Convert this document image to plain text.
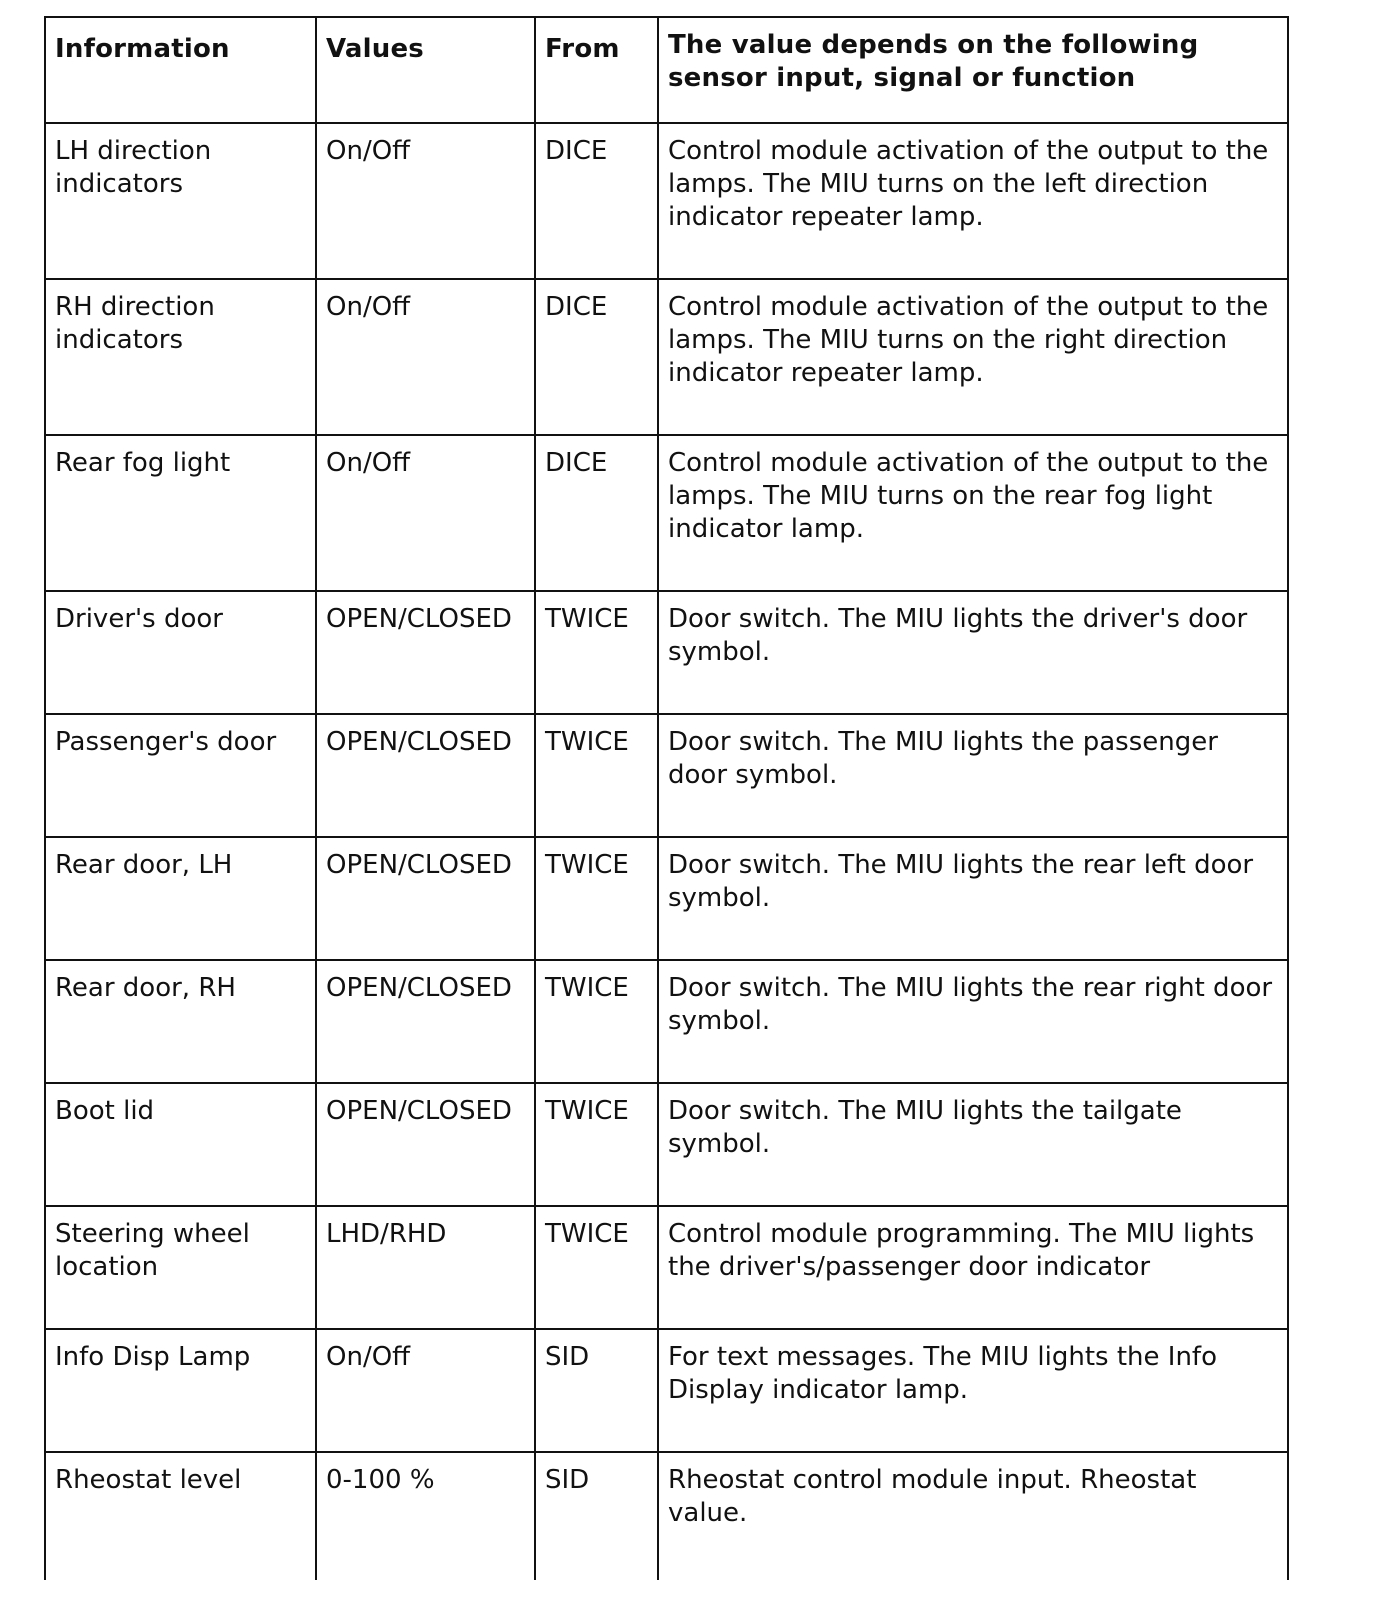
Information	Values	From	The value depends on the following sensor input, signal or function
LH direction indicators	On/Off	DICE	Control module activation of the output to the lamps. The MIU turns on the left direction indicator repeater lamp.
RH direction indicators	On/Off	DICE	Control module activation of the output to the lamps. The MIU turns on the right direction indicator repeater lamp.
Rear fog light	On/Off	DICE	Control module activation of the output to the lamps. The MIU turns on the rear fog light indicator lamp.
Driver's door	OPEN/CLOSED	TWICE	Door switch. The MIU lights the driver's door symbol.
Passenger's door	OPEN/CLOSED	TWICE	Door switch. The MIU lights the passenger door symbol.
Rear door, LH	OPEN/CLOSED	TWICE	Door switch. The MIU lights the rear left door symbol.
Rear door, RH	OPEN/CLOSED	TWICE	Door switch. The MIU lights the rear right door symbol.
Boot lid	OPEN/CLOSED	TWICE	Door switch. The MIU lights the tailgate symbol.
Steering wheel location	LHD/RHD	TWICE	Control module programming. The MIU lights the driver's/passenger door indicator
Info Disp Lamp	On/Off	SID	For text messages. The MIU lights the Info Display indicator lamp.
Rheostat level	0-100 %	SID	Rheostat control module input. Rheostat value.
